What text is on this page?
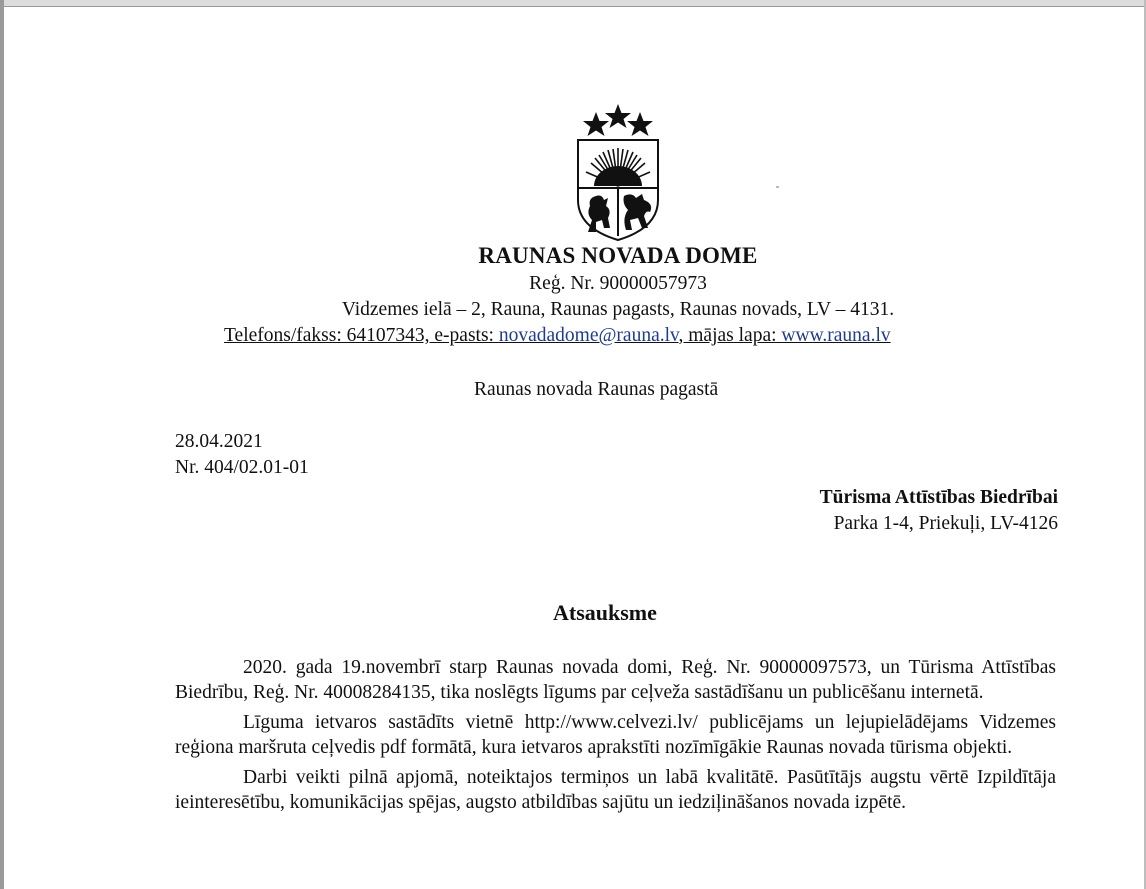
RAUNAS NOVADA DOME
Reģ. Nr. 90000057973
Vidzemes ielā – 2, Rauna, Raunas pagasts, Raunas novads, LV – 4131.
Telefons/fakss: 64107343, e-pasts: novadadome@rauna.lv, mājas lapa: www.rauna.lv
Raunas novada Raunas pagastā
28.04.2021
Nr. 404/02.01-01
Tūrisma Attīstības Biedrībai
Parka 1-4, Priekuļi, LV-4126
Atsauksme

2020. gada 19.novembrī starp Raunas novada domi, Reģ. Nr. 90000097573, un Tūrisma Attīstības Biedrību, Reģ. Nr. 40008284135, tika noslēgts līgums par ceļveža sastādīšanu un publicēšanu internetā.

Līguma ietvaros sastādīts vietnē http://www.celvezi.lv/ publicējams un lejupielādējams Vidzemes reģiona maršruta ceļvedis pdf formātā, kura ietvaros aprakstīti nozīmīgākie Raunas novada tūrisma objekti.

Darbi veikti pilnā apjomā, noteiktajos termiņos un labā kvalitātē. Pasūtītājs augstu vērtē Izpildītāja ieinteresētību, komunikācijas spējas, augsto atbildības sajūtu un iedziļināšanos novada izpētē.
